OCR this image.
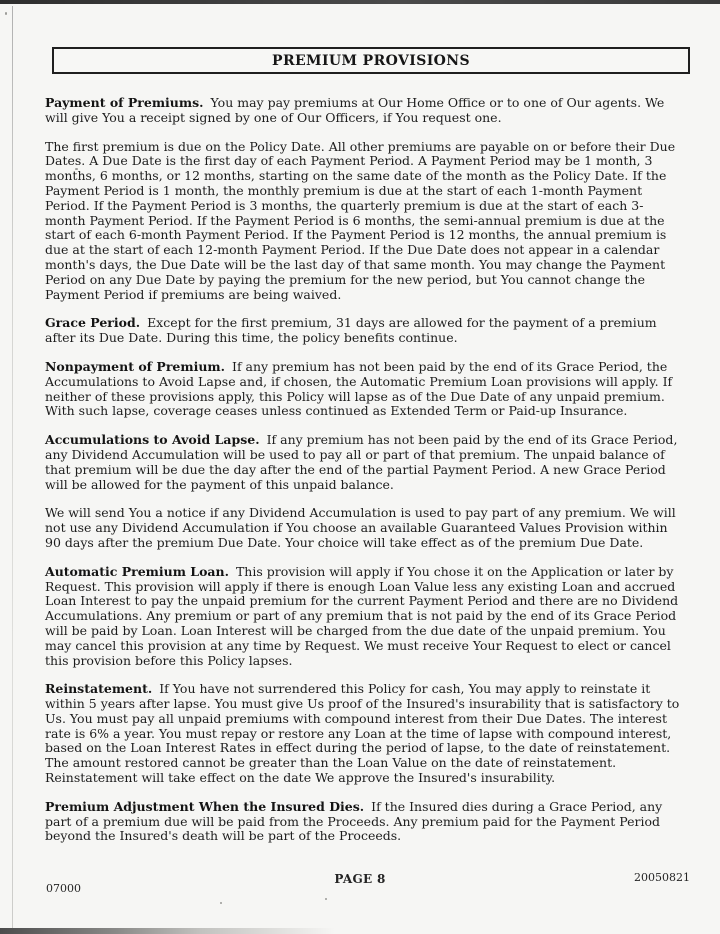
PREMIUM PROVISIONS

Payment of Premiums. You may pay premiums at Our Home Office or to one of Our agents. We will give You a receipt signed by one of Our Officers, if You request one.

The first premium is due on the Policy Date. All other premiums are payable on or before their Due Dates. A Due Date is the first day of each Payment Period. A Payment Period may be 1 month, 3 months, 6 months, or 12 months, starting on the same date of the month as the Policy Date. If the Payment Period is 1 month, the monthly premium is due at the start of each 1-month Payment Period. If the Payment Period is 3 months, the quarterly premium is due at the start of each 3-month Payment Period. If the Payment Period is 6 months, the semi-annual premium is due at the start of each 6-month Payment Period. If the Payment Period is 12 months, the annual premium is due at the start of each 12-month Payment Period. If the Due Date does not appear in a calendar month's days, the Due Date will be the last day of that same month. You may change the Payment Period on any Due Date by paying the premium for the new period, but You cannot change the Payment Period if premiums are being waived.

Grace Period. Except for the first premium, 31 days are allowed for the payment of a premium after its Due Date. During this time, the policy benefits continue.

Nonpayment of Premium. If any premium has not been paid by the end of its Grace Period, the Accumulations to Avoid Lapse and, if chosen, the Automatic Premium Loan provisions will apply. If neither of these provisions apply, this Policy will lapse as of the Due Date of any unpaid premium. With such lapse, coverage ceases unless continued as Extended Term or Paid-up Insurance.

Accumulations to Avoid Lapse. If any premium has not been paid by the end of its Grace Period, any Dividend Accumulation will be used to pay all or part of that premium. The unpaid balance of that premium will be due the day after the end of the partial Payment Period. A new Grace Period will be allowed for the payment of this unpaid balance.

We will send You a notice if any Dividend Accumulation is used to pay part of any premium. We will not use any Dividend Accumulation if You choose an available Guaranteed Values Provision within 90 days after the premium Due Date. Your choice will take effect as of the premium Due Date.

Automatic Premium Loan. This provision will apply if You chose it on the Application or later by Request. This provision will apply if there is enough Loan Value less any existing Loan and accrued Loan Interest to pay the unpaid premium for the current Payment Period and there are no Dividend Accumulations. Any premium or part of any premium that is not paid by the end of its Grace Period will be paid by Loan. Loan Interest will be charged from the due date of the unpaid premium. You may cancel this provision at any time by Request. We must receive Your Request to elect or cancel this provision before this Policy lapses.

Reinstatement. If You have not surrendered this Policy for cash, You may apply to reinstate it within 5 years after lapse. You must give Us proof of the Insured's insurability that is satisfactory to Us. You must pay all unpaid premiums with compound interest from their Due Dates. The interest rate is 6% a year. You must repay or restore any Loan at the time of lapse with compound interest, based on the Loan Interest Rates in effect during the period of lapse, to the date of reinstatement. The amount restored cannot be greater than the Loan Value on the date of reinstatement. Reinstatement will take effect on the date We approve the Insured's insurability.

Premium Adjustment When the Insured Dies. If the Insured dies during a Grace Period, any part of a premium due will be paid from the Proceeds. Any premium paid for the Payment Period beyond the Insured's death will be part of the Proceeds.

07000
PAGE 8	20050821
